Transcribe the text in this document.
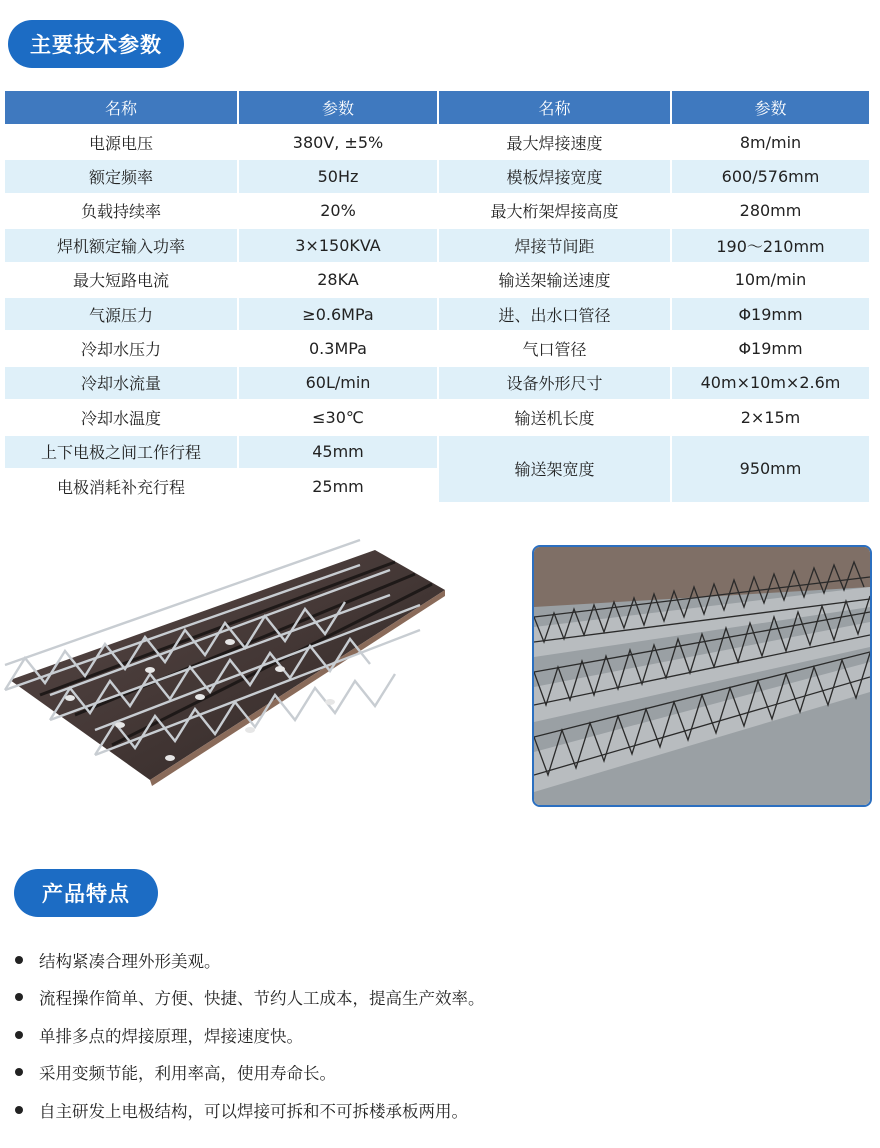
主要技术参数
名称	参数	名称	参数
电源电压	380V, ±5%	最大焊接速度	8m/min
额定频率	50Hz	模板焊接宽度	600/576mm
负载持续率	20%	最大桁架焊接高度	280mm
焊机额定输入功率	3×150KVA	焊接节间距	190～210mm
最大短路电流	28KA	输送架输送速度	10m/min
气源压力	≥0.6MPa	进、出水口管径	Φ19mm
冷却水压力	0.3MPa	气口管径	Φ19mm
冷却水流量	60L/min	设备外形尺寸	40m×10m×2.6m
冷却水温度	≤30℃	输送机长度	2×15m
上下电极之间工作行程	45mm	输送架宽度	950mm
电极消耗补充行程	25mm		
产品特点
结构紧凑合理外形美观。
流程操作简单、方便、快捷、节约人工成本，提高生产效率。
单排多点的焊接原理，焊接速度快。
采用变频节能，利用率高，使用寿命长。
自主研发上电极结构，可以焊接可拆和不可拆楼承板两用。
